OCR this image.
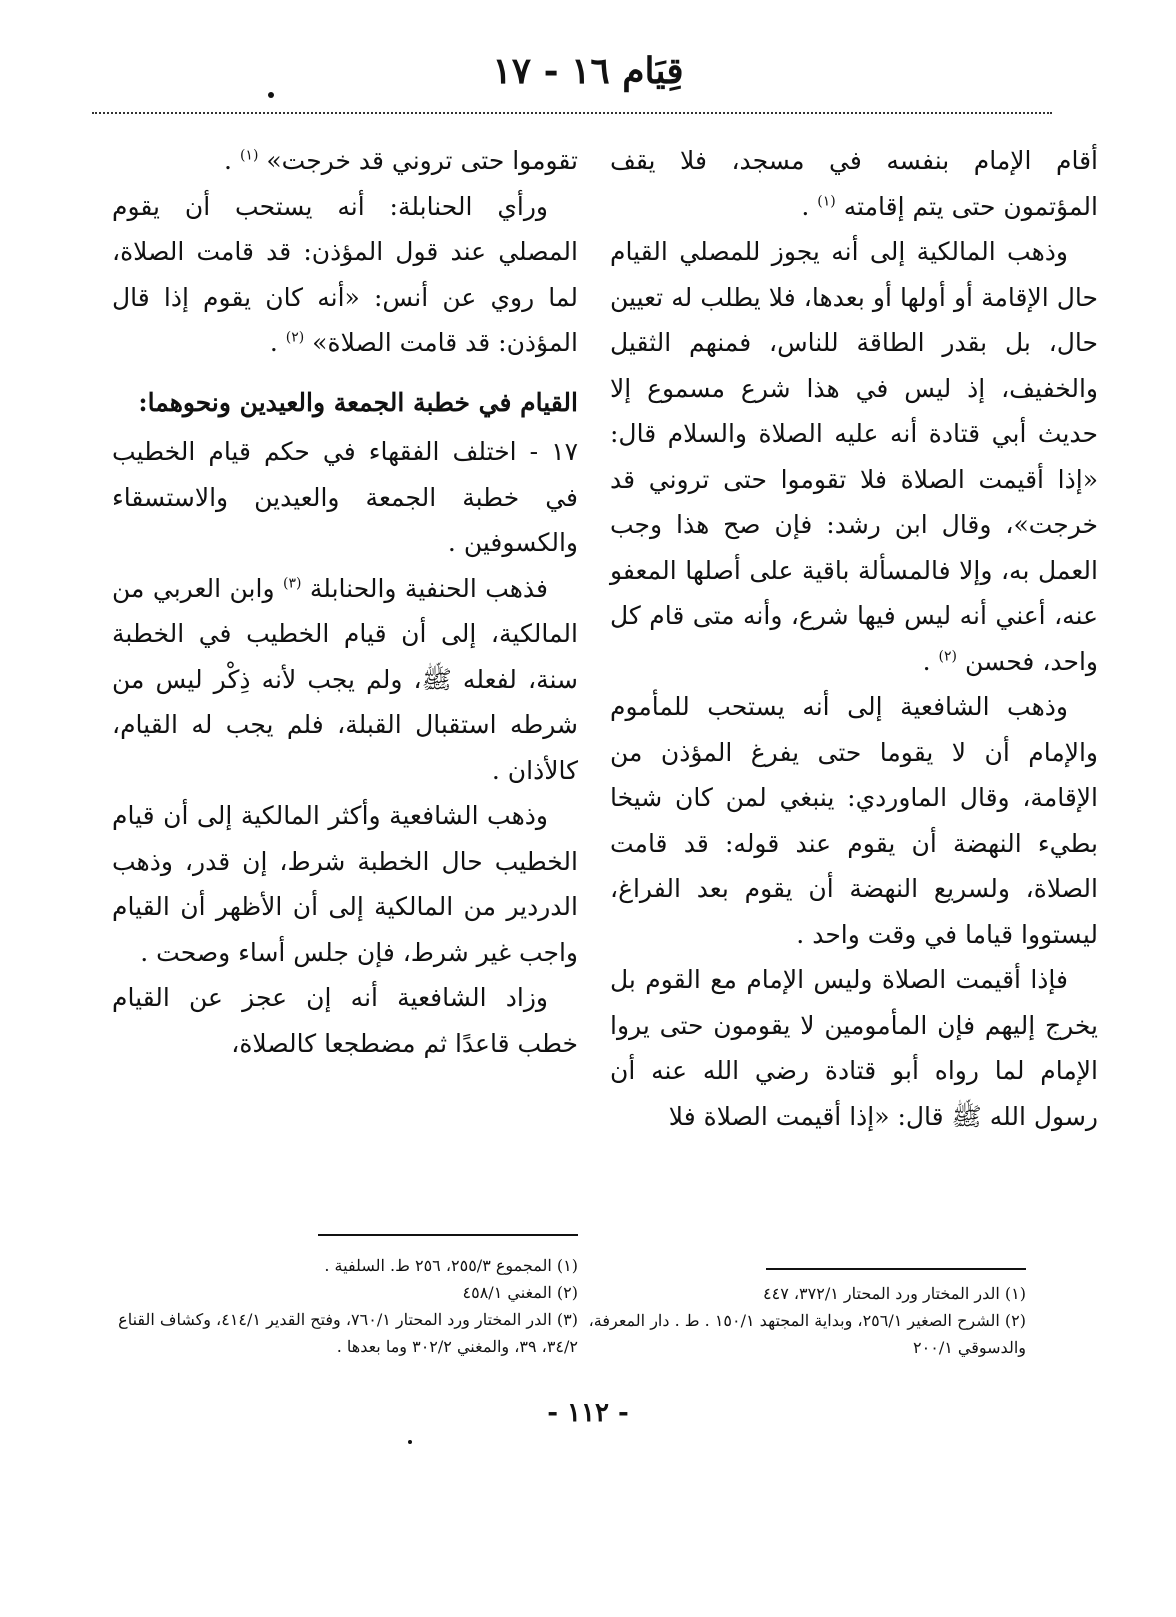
قِيَام ١٦ - ١٧

أقام الإمام بنفسه في مسجد، فلا يقف المؤتمون حتى يتم إقامته $^{(١)}$ .

وذهب المالكية إلى أنه يجوز للمصلي القيام حال الإقامة أو أولها أو بعدها، فلا يطلب له تعيين حال، بل بقدر الطاقة للناس، فمنهم الثقيل والخفيف، إذ ليس في هذا شرع مسموع إلا حديث أبي قتادة أنه عليه الصلاة والسلام قال: «إذا أقيمت الصلاة فلا تقوموا حتى تروني قد خرجت»، وقال ابن رشد: فإن صح هذا وجب العمل به، وإلا فالمسألة باقية على أصلها المعفو عنه، أعني أنه ليس فيها شرع، وأنه متى قام كل واحد، فحسن $^{(٢)}$ .

وذهب الشافعية إلى أنه يستحب للمأموم والإمام أن لا يقوما حتى يفرغ المؤذن من الإقامة، وقال الماوردي: ينبغي لمن كان شيخا بطيء النهضة أن يقوم عند قوله: قد قامت الصلاة، ولسريع النهضة أن يقوم بعد الفراغ، ليستووا قياما في وقت واحد .

فإذا أقيمت الصلاة وليس الإمام مع القوم بل يخرج إليهم فإن المأمومين لا يقومون حتى يروا الإمام لما رواه أبو قتادة رضي الله عنه أن رسول الله ﷺ قال: «إذا أقيمت الصلاة فلا

تقوموا حتى تروني قد خرجت» $^{(١)}$ .

ورأي الحنابلة: أنه يستحب أن يقوم المصلي عند قول المؤذن: قد قامت الصلاة، لما روي عن أنس: «أنه كان يقوم إذا قال المؤذن: قد قامت الصلاة» $^{(٢)}$ .

القيام في خطبة الجمعة والعيدين ونحوهما:

١٧ - اختلف الفقهاء في حكم قيام الخطيب في خطبة الجمعة والعيدين والاستسقاء والكسوفين .

فذهب الحنفية والحنابلة $^{(٣)}$ وابن العربي من المالكية، إلى أن قيام الخطيب في الخطبة سنة، لفعله ﷺ، ولم يجب لأنه ذِكْر ليس من شرطه استقبال القبلة، فلم يجب له القيام، كالأذان .

وذهب الشافعية وأكثر المالكية إلى أن قيام الخطيب حال الخطبة شرط، إن قدر، وذهب الدردير من المالكية إلى أن الأظهر أن القيام واجب غير شرط، فإن جلس أساء وصحت .

وزاد الشافعية أنه إن عجز عن القيام خطب قاعدًا ثم مضطجعا كالصلاة،

(١) الدر المختار ورد المحتار ٣٧٢/١، ٤٤٧
(٢) الشرح الصغير ٢٥٦/١، وبداية المجتهد ١٥٠/١ . ط . دار المعرفة، والدسوقي ٢٠٠/١
(١) المجموع ٢٥٥/٣، ٢٥٦ ط. السلفية .
(٢) المغني ٤٥٨/١
(٣) الدر المختار ورد المحتار ٧٦٠/١، وفتح القدير ٤١٤/١، وكشاف القناع ٣٤/٢، ٣٩، والمغني ٣٠٢/٢ وما بعدها .
- ١١٢ -
